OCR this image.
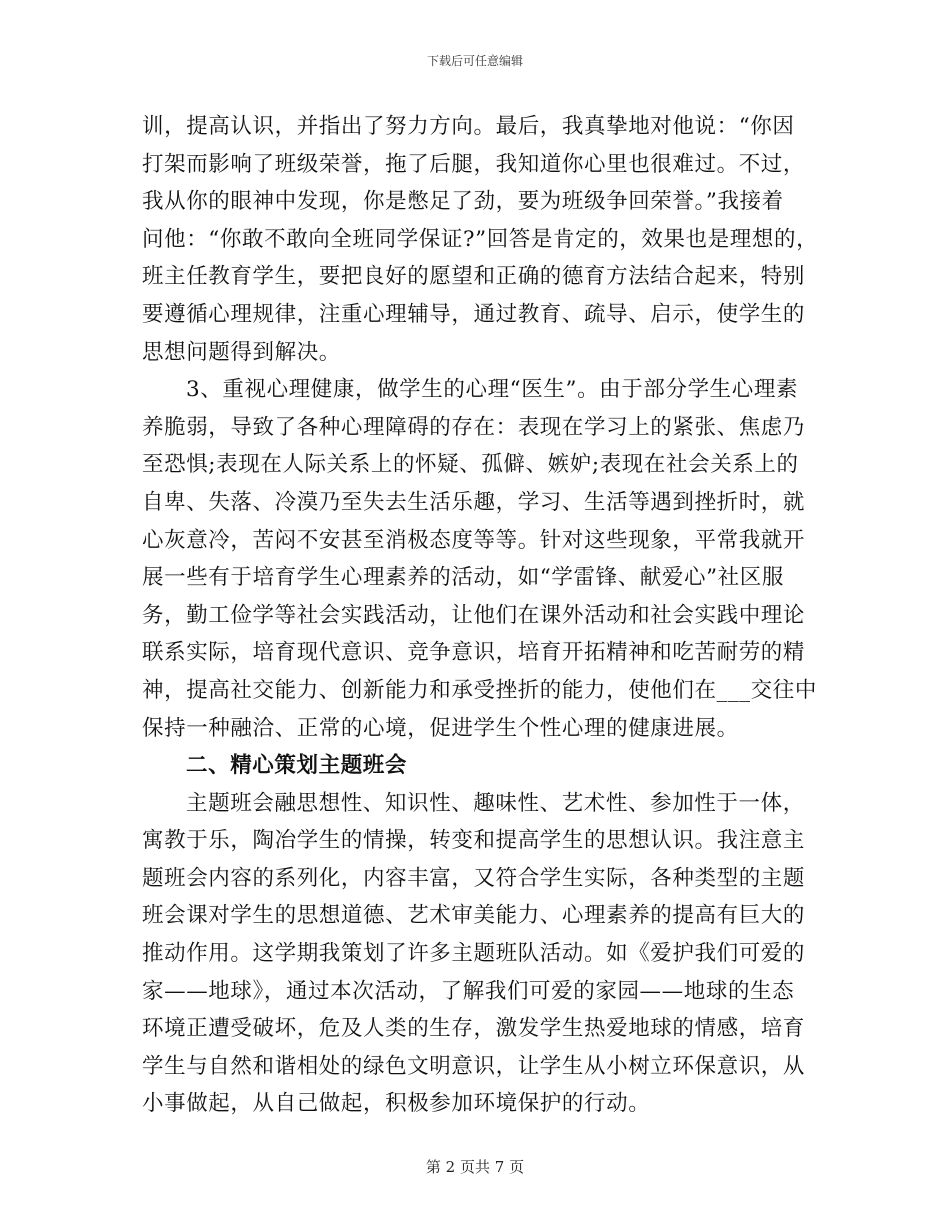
下载后可任意编辑
训，提高认识，并指出了努力方向。最后，我真挚地对他说：“你因
打架而影响了班级荣誉，拖了后腿，我知道你心里也很难过。不过，
我从你的眼神中发现，你是憋足了劲，要为班级争回荣誉。”我接着
问他：“你敢不敢向全班同学保证?”回答是肯定的，效果也是理想的，
班主任教育学生，要把良好的愿望和正确的德育方法结合起来，特别
要遵循心理规律，注重心理辅导，通过教育、疏导、启示，使学生的
思想问题得到解决。
3、重视心理健康，做学生的心理“医生”。由于部分学生心理素
养脆弱，导致了各种心理障碍的存在：表现在学习上的紧张、焦虑乃
至恐惧;表现在人际关系上的怀疑、孤僻、嫉妒;表现在社会关系上的
自卑、失落、冷漠乃至失去生活乐趣，学习、生活等遇到挫折时，就
心灰意冷，苦闷不安甚至消极态度等等。针对这些现象，平常我就开
展一些有于培育学生心理素养的活动，如“学雷锋、献爱心”社区服
务，勤工俭学等社会实践活动，让他们在课外活动和社会实践中理论
联系实际，培育现代意识、竞争意识，培育开拓精神和吃苦耐劳的精
神，提高社交能力、创新能力和承受挫折的能力，使他们在___交往中
保持一种融洽、正常的心境，促进学生个性心理的健康进展。
二、精心策划主题班会
主题班会融思想性、知识性、趣味性、艺术性、参加性于一体，
寓教于乐，陶冶学生的情操，转变和提高学生的思想认识。我注意主
题班会内容的系列化，内容丰富，又符合学生实际，各种类型的主题
班会课对学生的思想道德、艺术审美能力、心理素养的提高有巨大的
推动作用。这学期我策划了许多主题班队活动。如《爱护我们可爱的
家——地球》，通过本次活动，了解我们可爱的家园——地球的生态
环境正遭受破坏，危及人类的生存，激发学生热爱地球的情感，培育
学生与自然和谐相处的绿色文明意识，让学生从小树立环保意识，从
小事做起，从自己做起，积极参加环境保护的行动。
第 2 页共 7 页
